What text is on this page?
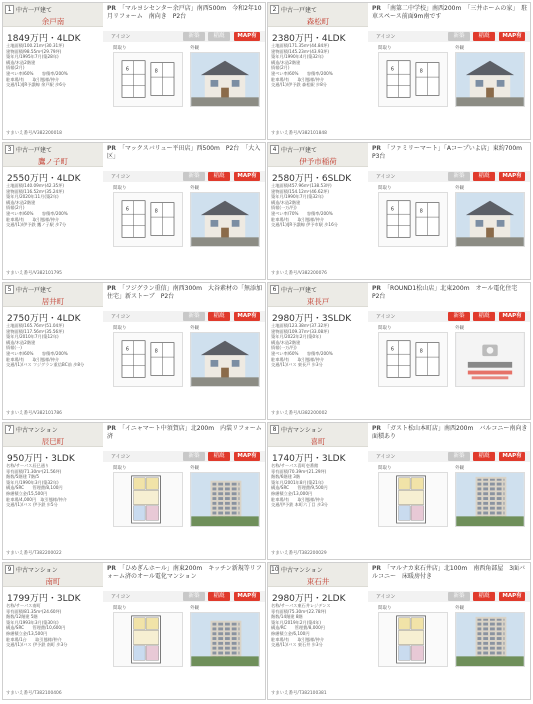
1 中古一戸建て
余戸南
PR 「マルヨシセンター余戸店」南西500m　今和2年10月リフォーム　南向き　P2台
1849万円・4LDK
土地面積/100.21m²(30.31坪)
建物面積/98.55m²(29.79坪)
築年月/1995年7月(築28年)
構造/木造2階建
情報(2月)
建ぺい率/60%　　容積率/200%
駐車場/有　　取引態様/仲介
交通/(1)/JR予讃線 余戸駅 歩6分
すまいえ番号/V382200018
アイコン	新築	稲漑	MAP有
間取り	外観
6	8
2 中古一戸建て
森松町
PR 「南第二中学校」南西200m　「三井ホームの家」　駐車スペース前面9m南です
2380万円・4LDK
土地面積/171.35m²(44.84坪)
建物面積/145.23m²(43.93坪)
築年月/1990年4月(築32年)
構造/木造2階建
情報(2月)
建ぺい率/60%　　容積率/200%
駐車場/有　　取引態様/仲介
交通/(1)/伊予鉄 森松駅 歩8分
すまいえ番号/V382101848
アイコン	新築	稲漑	MAP有
間取り	外観
6	8
3 中古一戸建て
鷹ノ子町
PR 「マックスバリュー平田店」西500m　P2台　「大入区」
2550万円・4LDK
土地面積/140.09m²(42.35坪)
建物面積/116.52m²(35.24坪)
築年月/2020年11月(築2年)
構造/木造2階建
情報(2月)
建ぺい率/60%　　容積率/200%
駐車場/有　　取引態様/仲介
交通/(1)/伊予鉄 鷹ノ子駅 歩7分
すまいえ番号/V382101795
アイコン	新築	稲漑	MAP有
間取り	外観
6	8
4 中古一戸建て
伊予市稲荷
PR 「ファミリーマート」「Aコープいよ店」東約700m　P3台
2580万円・6SLDK
土地面積/457.96m²(138.53坪)
建物面積/154.12m²(46.62坪)
築年月/1990年7月(築32年)
構造/木造2階建
情報(一万/円)
建ぺい率/70%　　容積率/200%
駐車場/有　　取引態様/仲介
交通/(1)/JR予讃線 伊予市駅 歩16分
すまいえ番号/V382200076
アイコン	新築	稲漑	MAP有
間取り	外観
6	8
5 中古一戸建て
居井町
PR 「フジグラン重信」南西300m　大谷素材の「無添加住宅」新ストーブ　P2台
2750万円・4LDK
土地面積/165.76m²(51.04坪)
建物面積/117.56m²(35.56坪)
築年月/2010年7月(築12年)
構造/木造2階建
情報(一)
建ぺい率/60%　　容積率/200%
駐車場/有　　取引態様/仲介
交通/(1)/バス フジグラン重信BC前 歩8分
すまいえ番号/V382101786
アイコン	新築	稲漑	MAP有
間取り	外観
6	8
6 中古一戸建て
束長戸
PR 「ROUND1松山店」北東200m　オール電化住宅　P2台
2980万円・3SLDK
土地面積/123.38m²(37.32坪)
建物面積/109.37m²(33.08坪)
築年月/2022年2月(築0年)
構造/木造2階建
情報(一万/円)
建ぺい率/60%　　容積率/200%
駐車場/有　　取引態様/仲介
交通/(1)/バス 東長戸 歩3分
すまいえ番号/U382200002
アイコン	新築	稲漑	MAP有
間取り	外観
6	8
7 中古マンション
辰巳町
PR 「イニャマート中須賀店」北200m　内装リフォーム済
950万円・3LDK
名称/サーパス辰巳通り
専有面積/71.30m²(21.56坪)
階数/5階建 7階/5
築年月/1990年3月(築32年)
構造/SRC　　管理費/8,100円
修繕積立金/15,500円
駐車場/4,000円　取引態様/仲介
交通/(1)/バス 伊予鉄 歩5分
すまいえ番号/T382200022
アイコン	新築	稲漑	MAP有
間取り	外観
8 中古マンション
喜町
PR 「ガスト松山本町店」南西200m　バルコニー南向き　面積あり
1740万円・3LDK
名称/サーパス喜町壱番館
専有面積/70.39m²(21.29坪)
階数/6階建 3階
築年月/2001年8月(築21年)
構造/SRC　　管理費/9,500円
修繕積立金/13,000円
駐車場/有　　取引態様/仲介
交通/伊予鉄 本町六丁目 歩3分
すまいえ番号/T382200029
アイコン	新築	稲漑	MAP有
間取り	外観
9 中古マンション
南町
PR 「ひめぎんホール」南東200m　キッチン新規等リフォーム済のオール電化マンション
1799万円・3LDK
名称/サーパス南町
専有面積/81.35m²(24.60坪)
階数/12階建 5階
築年月/1993年3月(築30年)
構造/SRC　　管理費/10,600円
修繕積立金/13,500円
駐車場/1台　　取引態様/仲介
交通/(1)/バス 伊予鉄 南町 歩3分
すまいえ番号/T382100406
アイコン	新築	稲漑	MAP有
間取り	外観
10 中古マンション
束石井
PR 「マルナカ束石井店」北100m　南西角部屋　3面バルコニー　床暖房付き
2980万円・2LDK
名称/サーパス東石井レジデンス
専有面積/75.30m²(22.78坪)
階数/14階建 8階
築年月/2019年2月(築4年)
構造/RC　　管理費/8,000円
修繕積立金/6,100円
駐車場/有　　取引態様/仲介
交通/(1)/バス 東石井 歩3分
すまいえ番号/T382100381
アイコン	新築	稲漑	MAP有
間取り	外観
